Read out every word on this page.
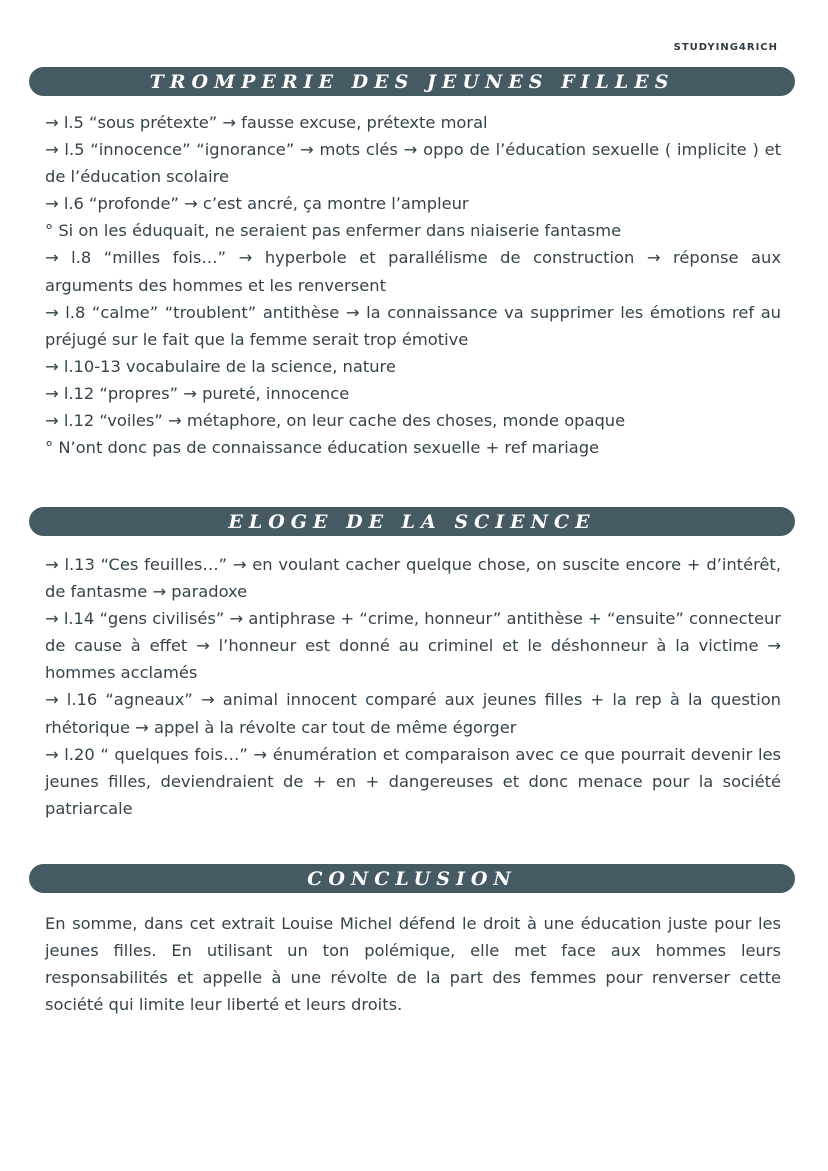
STUDYING4RICH
TROMPERIE DES JEUNES FILLES

→ l.5 “sous prétexte” → fausse excuse, prétexte moral

→ l.5 “innocence” “ignorance” → mots clés → oppo de l’éducation sexuelle ( implicite ) et de l’éducation scolaire

→ l.6 “profonde” → c’est ancré, ça montre l’ampleur

° Si on les éduquait, ne seraient pas enfermer dans niaiserie fantasme

→ l.8 “milles fois…” → hyperbole et parallélisme de construction → réponse aux arguments des hommes et les renversent

→ l.8 “calme” “troublent” antithèse → la connaissance va supprimer les émotions ref au préjugé sur le fait que la femme serait trop émotive

→ l.10-13 vocabulaire de la science, nature

→ l.12 “propres” → pureté, innocence

→ l.12 “voiles” → métaphore, on leur cache des choses, monde opaque

° N’ont donc pas de connaissance éducation sexuelle + ref mariage

ELOGE DE LA SCIENCE

→ l.13 “Ces feuilles…” → en voulant cacher quelque chose, on suscite encore + d’intérêt, de fantasme → paradoxe

→ l.14 “gens civilisés” → antiphrase + “crime, honneur” antithèse + “ensuite” connecteur de cause à effet → l’honneur est donné au criminel et le déshonneur à la victime → hommes acclamés

→ l.16 “agneaux” → animal innocent comparé aux jeunes filles + la rep à la question rhétorique → appel à la révolte car tout de même égorger

→ l.20 “ quelques fois…” → énumération et comparaison avec ce que pourrait devenir les jeunes filles, deviendraient de + en + dangereuses et donc menace pour la société patriarcale

CONCLUSION

En somme, dans cet extrait Louise Michel défend le droit à une éducation juste pour les jeunes filles. En utilisant un ton polémique, elle met face aux hommes leurs responsabilités et appelle à une révolte de la part des femmes pour renverser cette société qui limite leur liberté et leurs droits.
